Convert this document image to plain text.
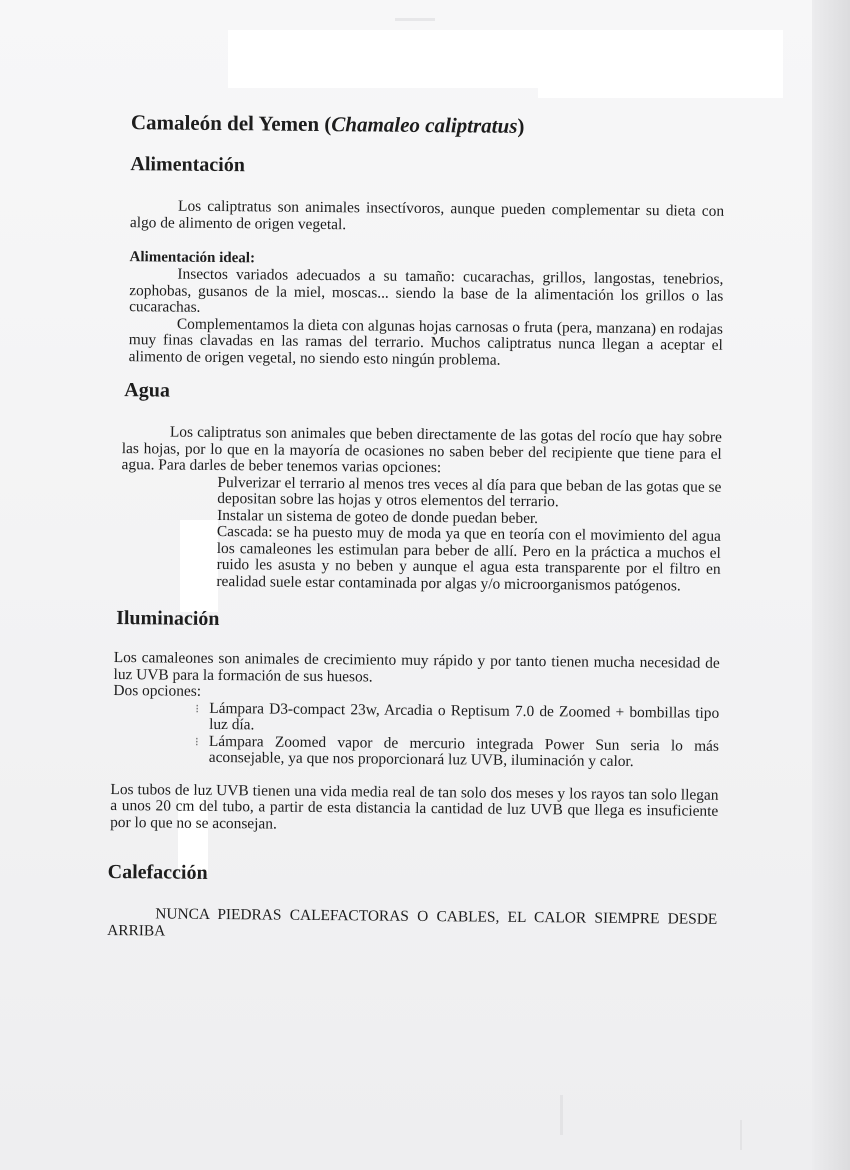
Camaleón del Yemen (Chamaleo caliptratus)
Alimentación

Los caliptratus son animales insectívoros, aunque pueden complementar su dieta con algo de alimento de origen vegetal.

Alimentación ideal:

Insectos variados adecuados a su tamaño: cucarachas, grillos, langostas, tenebrios, zophobas, gusanos de la miel, moscas... siendo la base de la alimentación los grillos o las cucarachas.

Complementamos la dieta con algunas hojas carnosas o fruta (pera, manzana) en rodajas muy finas clavadas en las ramas del terrario. Muchos caliptratus nunca llegan a aceptar el alimento de origen vegetal, no siendo esto ningún problema.

Agua

Los caliptratus son animales que beben directamente de las gotas del rocío que hay sobre las hojas, por lo que en la mayoría de ocasiones no saben beber del recipiente que tiene para el agua. Para darles de beber tenemos varias opciones:

Pulverizar el terrario al menos tres veces al día para que beban de las gotas que se depositan sobre las hojas y otros elementos del terrario.

Instalar un sistema de goteo de donde puedan beber.

Cascada: se ha puesto muy de moda ya que en teoría con el movimiento del agua los camaleones les estimulan para beber de allí. Pero en la práctica a muchos el ruido les asusta y no beben y aunque el agua esta transparente por el filtro en realidad suele estar contaminada por algas y/o microorganismos patógenos.

Iluminación

Los camaleones son animales de crecimiento muy rápido y por tanto tienen mucha necesidad de luz UVB para la formación de sus huesos.

Dos opciones:

⁝ Lámpara D3-compact 23w, Arcadia o Reptisum 7.0 de Zoomed + bombillas tipo luz día.

⁝ Lámpara Zoomed vapor de mercurio integrada Power Sun seria lo más aconsejable, ya que nos proporcionará luz UVB, iluminación y calor.

Los tubos de luz UVB tienen una vida media real de tan solo dos meses y los rayos tan solo llegan a unos 20 cm del tubo, a partir de esta distancia la cantidad de luz UVB que llega es insuficiente por lo que no se aconsejan.

Calefacción

NUNCA PIEDRAS CALEFACTORAS O CABLES, EL CALOR SIEMPRE DESDE ARRIBA
